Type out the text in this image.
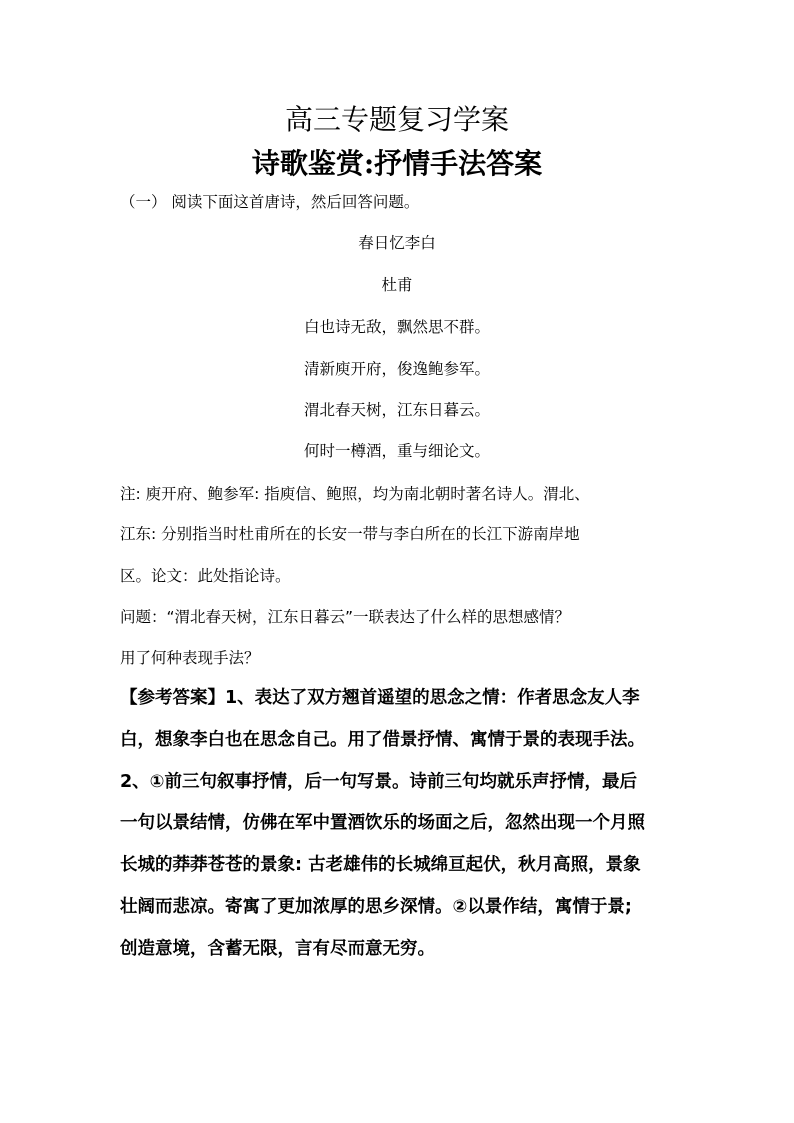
高三专题复习学案
诗歌鉴赏:抒情手法答案
（一） 阅读下面这首唐诗，然后回答问题。
春日忆李白
杜甫
白也诗无敌，飘然思不群。
清新庾开府，俊逸鲍参军。
渭北春天树，江东日暮云。
何时一樽酒，重与细论文。
注: 庾开府、鲍参军: 指庾信、鲍照，均为南北朝时著名诗人。渭北、
江东: 分别指当时杜甫所在的长安一带与李白所在的长江下游南岸地
区。论文：此处指论诗。
问题：“渭北春天树，江东日暮云”一联表达了什么样的思想感情？
用了何种表现手法？
【参考答案】1、表达了双方翘首遥望的思念之情：作者思念友人李
白，想象李白也在思念自己。用了借景抒情、寓情于景的表现手法。
2、①前三句叙事抒情，后一句写景。诗前三句均就乐声抒情，最后
一句以景结情，仿佛在军中置酒饮乐的场面之后，忽然出现一个月照
长城的莽莽苍苍的景象: 古老雄伟的长城绵亘起伏，秋月高照，景象
壮阔而悲凉。寄寓了更加浓厚的思乡深情。②以景作结，寓情于景;
创造意境，含蓄无限，言有尽而意无穷。
